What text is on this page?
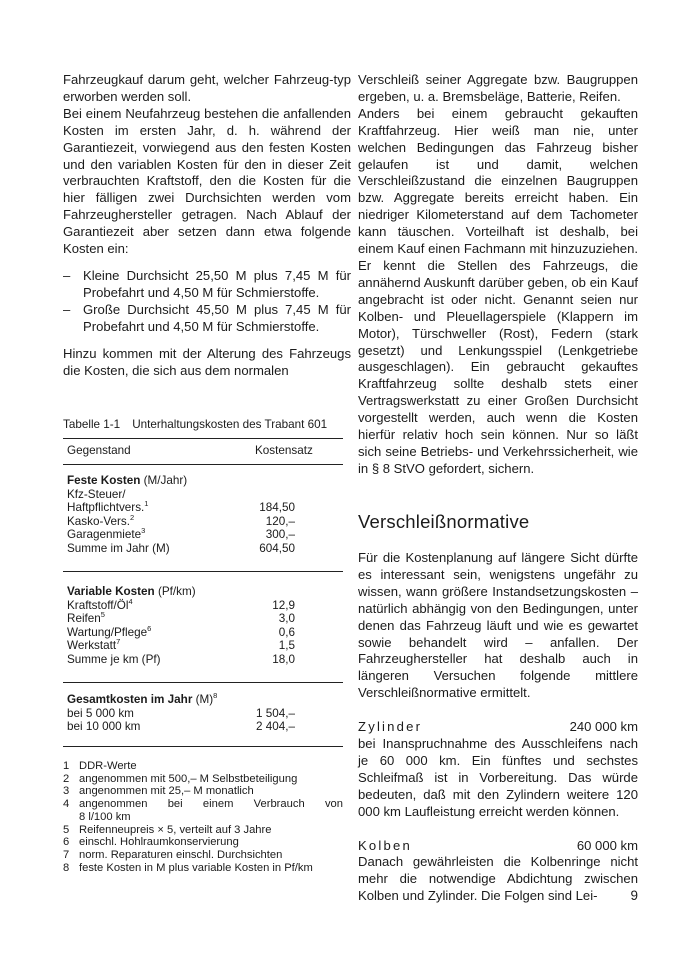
Fahrzeugkauf darum geht, welcher Fahrzeug-typ erworben werden soll.

Bei einem Neufahrzeug bestehen die anfallenden Kosten im ersten Jahr, d. h. während der Garantiezeit, vorwiegend aus den festen Kosten und den variablen Kosten für den in dieser Zeit verbrauchten Kraftstoff, den die Kosten für die hier fälligen zwei Durchsichten werden vom Fahrzeughersteller getragen. Nach Ablauf der Garantiezeit aber setzen dann etwa folgende Kosten ein:

– Kleine Durchsicht 25,50 M plus 7,45 M für Probefahrt und 4,50 M für Schmierstoffe.
– Große Durchsicht 45,50 M plus 7,45 M für Probefahrt und 4,50 M für Schmierstoffe.

Hinzu kommen mit der Alterung des Fahrzeugs die Kosten, die sich aus dem normalen

Tabelle 1-1 Unterhaltungskosten des Trabant 601
Gegenstand	Kostensatz
Feste Kosten (M/Jahr)
Kfz-Steuer/
Haftpflichtvers.$^1$	184,50
Kasko-Vers.$^2$	120,–
Garagenmiete$^3$	300,–
Summe im Jahr (M)	604,50
Variable Kosten (Pf/km)
Kraftstoff/$Öl^4$	12,9
Reifen$^5$	3,0
Wartung/Pflege$^6$	0,6
Werkstatt$^7$	1,5
Summe je km (Pf)	18,0
Gesamtkosten im Jahr $(M)^8$
bei 5 000 km	1 504,–
bei 10 000 km	2 404,–
1 DDR-Werte
2 angenommen mit 500,– M Selbstbeteiligung
3 angenommen mit 25,– M monatlich
4 angenommen bei einem Verbrauch von
8 l/100 km
5 Reifenneupreis × 5, verteilt auf 3 Jahre
6 einschl. Hohlraumkonservierung
7 norm. Reparaturen einschl. Durchsichten
8 feste Kosten in M plus variable Kosten in Pf/km

Verschleiß seiner Aggregate bzw. Baugruppen ergeben, u. a. Bremsbeläge, Batterie, Reifen.

Anders bei einem gebraucht gekauften Kraftfahrzeug. Hier weiß man nie, unter welchen Bedingungen das Fahrzeug bisher gelaufen ist und damit, welchen Verschleißzustand die einzelnen Baugruppen bzw. Aggregate bereits erreicht haben. Ein niedriger Kilometerstand auf dem Tachometer kann täuschen. Vorteilhaft ist deshalb, bei einem Kauf einen Fachmann mit hinzuzuziehen. Er kennt die Stellen des Fahrzeugs, die annähernd Auskunft darüber geben, ob ein Kauf angebracht ist oder nicht. Genannt seien nur Kolben- und Pleuellagerspiele (Klappern im Motor), Türschweller (Rost), Federn (stark gesetzt) und Lenkungsspiel (Lenkgetriebe ausgeschlagen). Ein gebraucht gekauftes Kraftfahrzeug sollte deshalb stets einer Vertragswerkstatt zu einer Großen Durchsicht vorgestellt werden, auch wenn die Kosten hierfür relativ hoch sein können. Nur so läßt sich seine Betriebs- und Verkehrssicherheit, wie in § 8 StVO gefordert, sichern.

Verschleißnormative

Für die Kostenplanung auf längere Sicht dürfte es interessant sein, wenigstens ungefähr zu wissen, wann größere Instandsetzungskosten – natürlich abhängig von den Bedingungen, unter denen das Fahrzeug läuft und wie es gewartet sowie behandelt wird – anfallen. Der Fahrzeughersteller hat deshalb auch in längeren Versuchen folgende mittlere Verschleißnormative ermittelt.

Zylinder	240 000 km

bei Inanspruchnahme des Ausschleifens nach je 60 000 km. Ein fünftes und sechstes Schleifmaß ist in Vorbereitung. Das würde bedeuten, daß mit den Zylindern weitere 120 000 km Laufleistung erreicht werden können.

Kolben	60 000 km

Danach gewährleisten die Kolbenringe nicht mehr die notwendige Abdichtung zwischen Kolben und Zylinder. Die Folgen sind Lei-	9
